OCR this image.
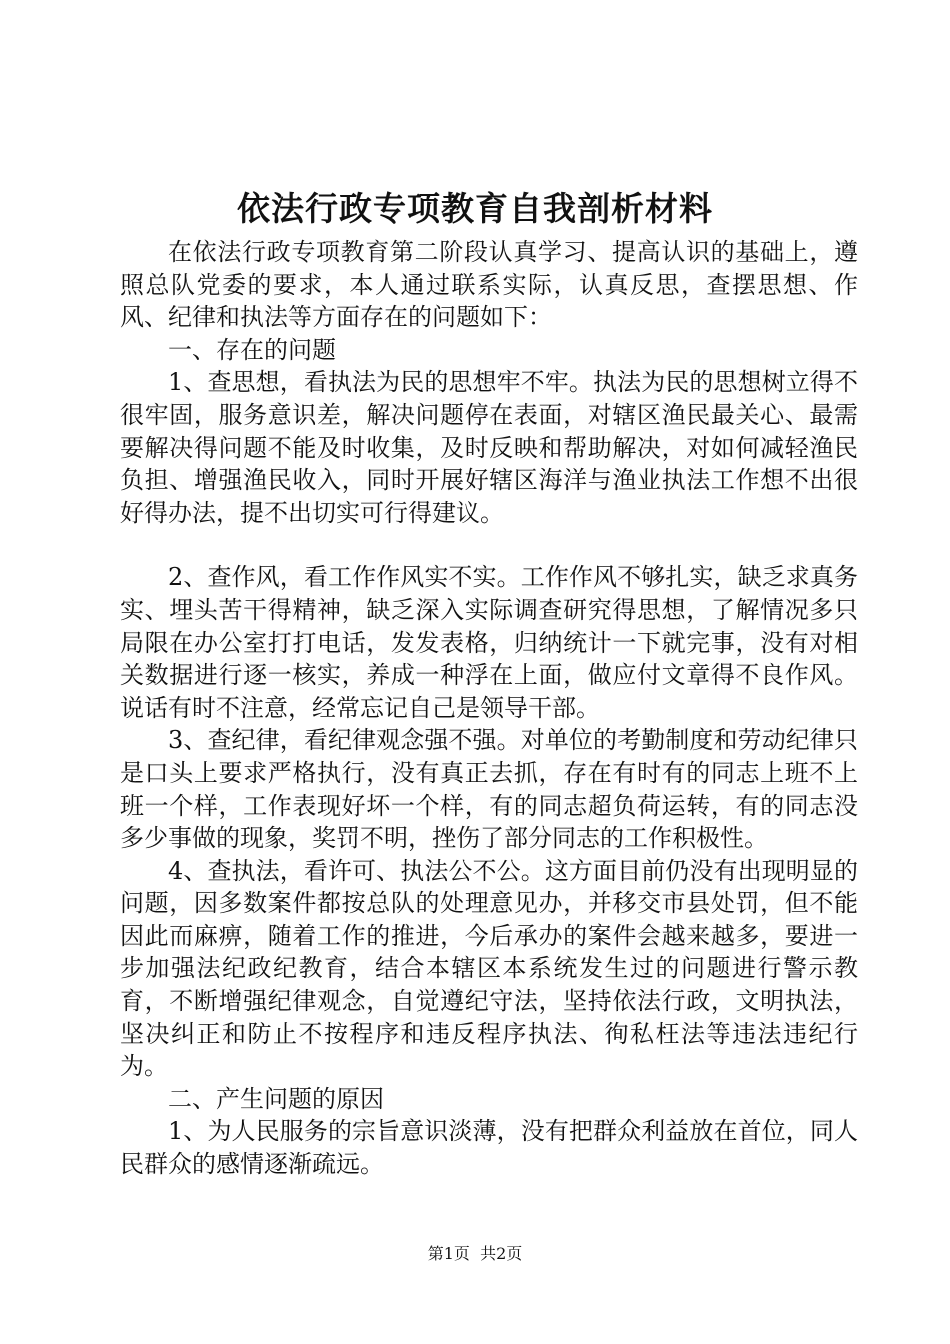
依法行政专项教育自我剖析材料

在依法行政专项教育第二阶段认真学习、提高认识的基础上，遵照总队党委的要求，本人通过联系实际，认真反思，查摆思想、作风、纪律和执法等方面存在的问题如下：

一、存在的问题

1、查思想，看执法为民的思想牢不牢。执法为民的思想树立得不很牢固，服务意识差，解决问题停在表面，对辖区渔民最关心、最需要解决得问题不能及时收集，及时反映和帮助解决，对如何减轻渔民负担、增强渔民收入，同时开展好辖区海洋与渔业执法工作想不出很好得办法，提不出切实可行得建议。

2、查作风，看工作作风实不实。工作作风不够扎实，缺乏求真务实、埋头苦干得精神，缺乏深入实际调查研究得思想，了解情况多只局限在办公室打打电话，发发表格，归纳统计一下就完事，没有对相关数据进行逐一核实，养成一种浮在上面，做应付文章得不良作风。说话有时不注意，经常忘记自己是领导干部。

3、查纪律，看纪律观念强不强。对单位的考勤制度和劳动纪律只是口头上要求严格执行，没有真正去抓，存在有时有的同志上班不上班一个样，工作表现好坏一个样，有的同志超负荷运转，有的同志没多少事做的现象，奖罚不明，挫伤了部分同志的工作积极性。

4、查执法，看许可、执法公不公。这方面目前仍没有出现明显的问题，因多数案件都按总队的处理意见办，并移交市县处罚，但不能因此而麻痹，随着工作的推进，今后承办的案件会越来越多，要进一步加强法纪政纪教育，结合本辖区本系统发生过的问题进行警示教育，不断增强纪律观念，自觉遵纪守法，坚持依法行政，文明执法，坚决纠正和防止不按程序和违反程序执法、徇私枉法等违法违纪行为。

二、产生问题的原因

1、为人民服务的宗旨意识淡薄，没有把群众利益放在首位，同人民群众的感情逐渐疏远。

第1页  共2页
